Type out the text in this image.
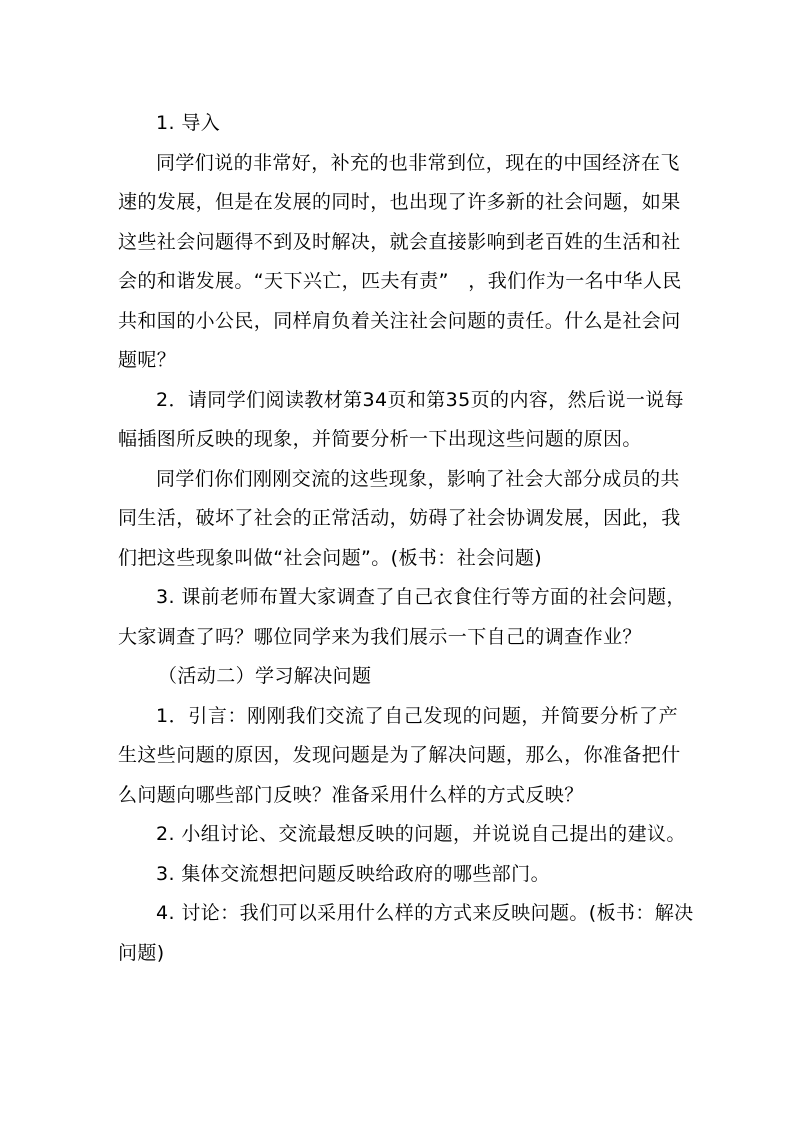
1. 导入
同学们说的非常好，补充的也非常到位，现在的中国经济在飞
速的发展，但是在发展的同时，也出现了许多新的社会问题，如果
这些社会问题得不到及时解决，就会直接影响到老百姓的生活和社
会的和谐发展。“天下兴亡，匹夫有责”　，我们作为一名中华人民
共和国的小公民，同样肩负着关注社会问题的责任。什么是社会问
题呢？
2．请同学们阅读教材第34页和第35页的内容，然后说一说每
幅插图所反映的现象，并简要分析一下出现这些问题的原因。
同学们你们刚刚交流的这些现象，影响了社会大部分成员的共
同生活，破坏了社会的正常活动，妨碍了社会协调发展，因此，我
们把这些现象叫做“社会问题”。(板书：社会问题)
3. 课前老师布置大家调查了自己衣食住行等方面的社会问题，
大家调查了吗？哪位同学来为我们展示一下自己的调查作业？
（活动二）学习解决问题
1．引言：刚刚我们交流了自己发现的问题，并简要分析了产
生这些问题的原因，发现问题是为了解决问题，那么，你准备把什
么问题向哪些部门反映？准备采用什么样的方式反映？
2. 小组讨论、交流最想反映的问题，并说说自己提出的建议。
3. 集体交流想把问题反映给政府的哪些部门。
4. 讨论：我们可以采用什么样的方式来反映问题。(板书：解决
问题)
